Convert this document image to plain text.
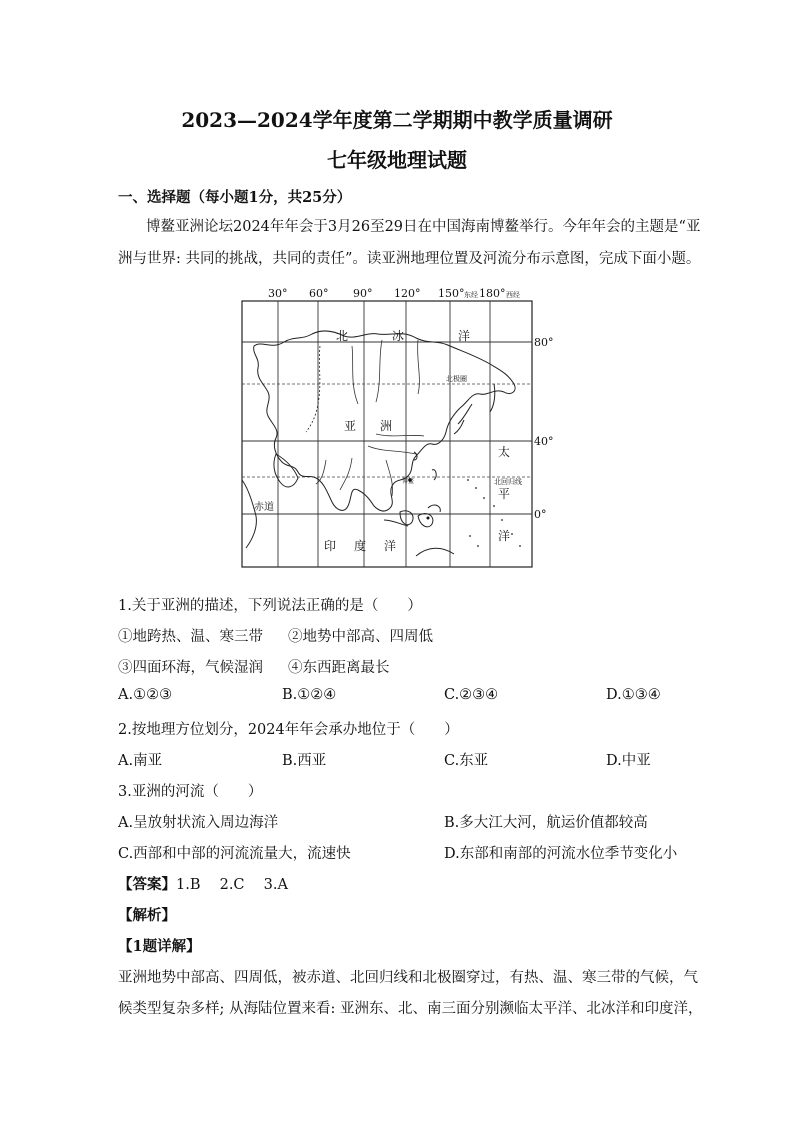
2023—2024学年度第二学期期中教学质量调研
七年级地理试题
一、选择题（每小题1分，共25分）
博鳌亚洲论坛2024年年会于3月26至29日在中国海南博鳌举行。今年年会的主题是“亚
洲与世界: 共同的挑战，共同的责任”。读亚洲地理位置及河流分布示意图，完成下面小题。
30° 60° 90° 120° 150° 东经 180° 西经
80°
40°
0°
北极圈
北回归线
赤道
博鳌
北	冰	洋
亚 洲
太
平
洋
印 度 洋
1.关于亚洲的描述，下列说法正确的是（　　）
①地跨热、温、寒三带 ②地势中部高、四周低
③四面环海，气候湿润 ④东西距离最长
A.①②③	B.①②④	C.②③④	D.①③④
2.按地理方位划分，2024年年会承办地位于（　　）
A.南亚	B.西亚	C.东亚	D.中亚
3.亚洲的河流（　　）
A.呈放射状流入周边海洋	B.多大江大河，航运价值都较高
C.西部和中部的河流流量大，流速快	D.东部和南部的河流水位季节变化小
【答案】1.B　 2.C　 3.A
【解析】
【1题详解】
亚洲地势中部高、四周低，被赤道、北回归线和北极圈穿过，有热、温、寒三带的气候，气
候类型复杂多样; 从海陆位置来看: 亚洲东、北、南三面分别濒临太平洋、北冰洋和印度洋，
